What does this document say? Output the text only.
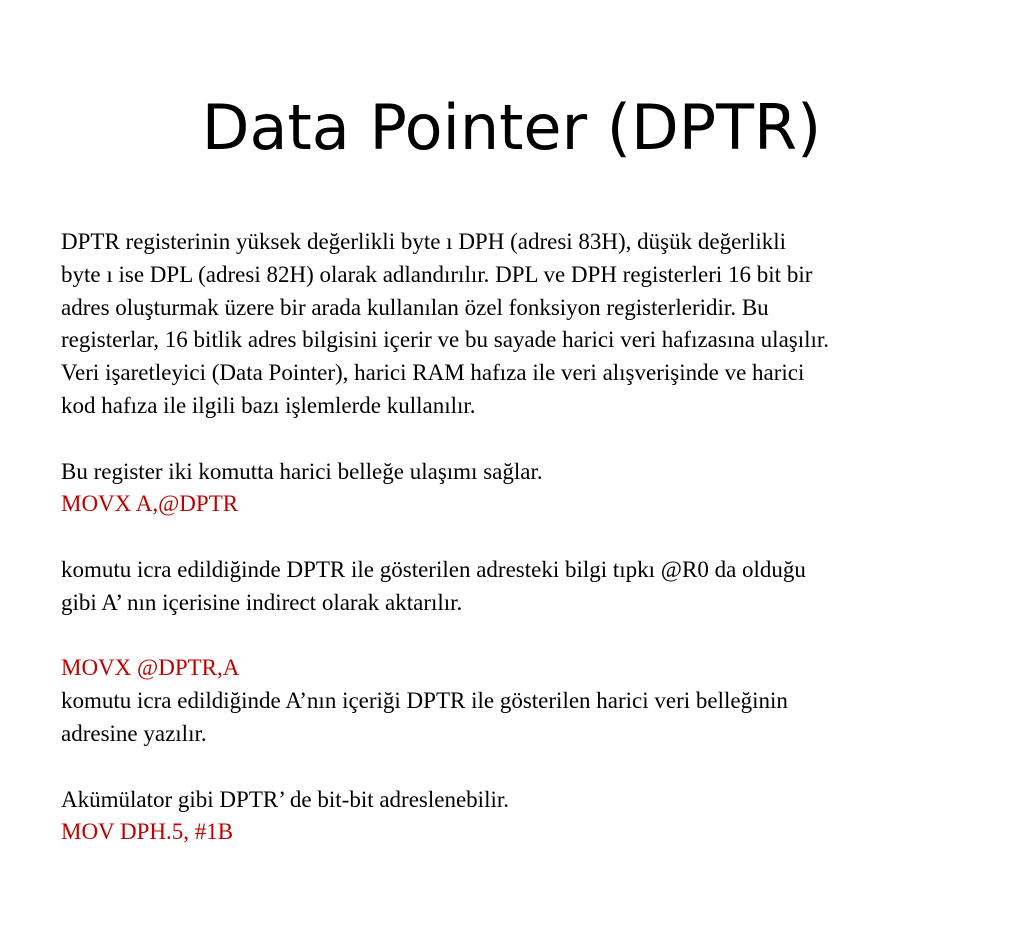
Data Pointer (DPTR)
DPTR registerinin yüksek değerlikli byte ı DPH (adresi 83H), düşük değerlikli
byte ı ise DPL (adresi 82H) olarak adlandırılır. DPL ve DPH registerleri 16 bit bir
adres oluşturmak üzere bir arada kullanılan özel fonksiyon registerleridir. Bu
registerlar, 16 bitlik adres bilgisini içerir ve bu sayade harici veri hafızasına ulaşılır.
Veri işaretleyici (Data Pointer), harici RAM hafıza ile veri alışverişinde ve harici
kod hafıza ile ilgili bazı işlemlerde kullanılır.
Bu register iki komutta harici belleğe ulaşımı sağlar.
MOVX A,@DPTR
komutu icra edildiğinde DPTR ile gösterilen adresteki bilgi tıpkı @R0 da olduğu
gibi A’ nın içerisine indirect olarak aktarılır.
MOVX @DPTR,A
komutu icra edildiğinde A’nın içeriği DPTR ile gösterilen harici veri belleğinin
adresine yazılır.
Akümülator gibi DPTR’ de bit-bit adreslenebilir.
MOV DPH.5, #1B
